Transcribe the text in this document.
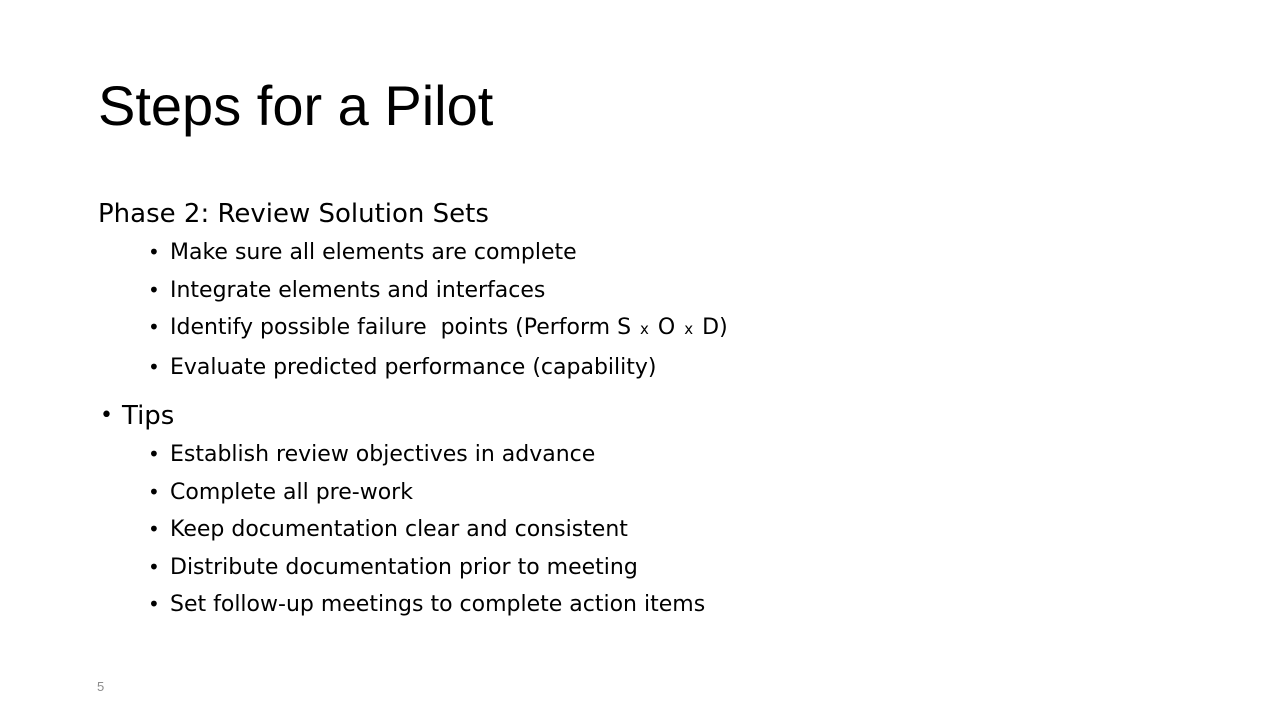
Steps for a Pilot

Phase 2: Review Solution Sets

• Make sure all elements are complete
• Integrate elements and interfaces
• Identify possible failure  points (Perform S x O x D)
• Evaluate predicted performance (capability)
• Tips
• Establish review objectives in advance
• Complete all pre-work
• Keep documentation clear and consistent
• Distribute documentation prior to meeting
• Set follow-up meetings to complete action items
5
